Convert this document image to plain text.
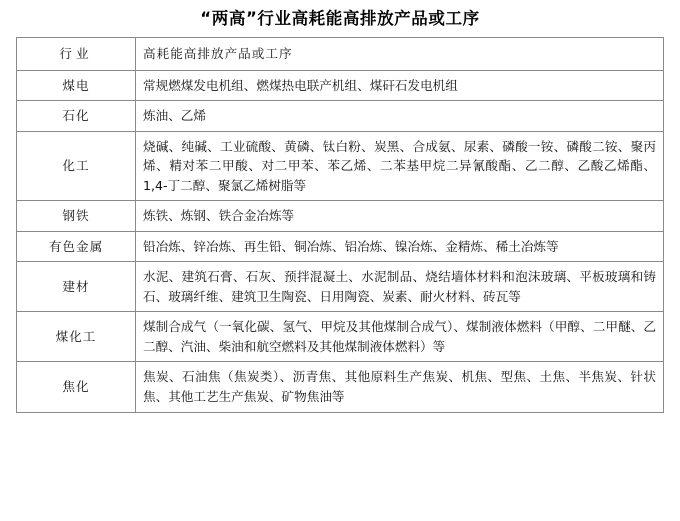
“两高”行业高耗能高排放产品或工序
行业	高耗能高排放产品或工序
煤电	常规燃煤发电机组、燃煤热电联产机组、煤矸石发电机组
石化	炼油、乙烯
化工	烧碱、纯碱、工业硫酸、黄磷、钛白粉、炭黑、合成氨、尿素、磷酸一铵、磷酸二铵、聚丙烯、精对苯二甲酸、对二甲苯、苯乙烯、二苯基甲烷二异氰酸酯、乙二醇、乙酸乙烯酯、1,4-丁二醇、聚氯乙烯树脂等
钢铁	炼铁、炼钢、铁合金冶炼等
有色金属	铅冶炼、锌冶炼、再生铅、铜冶炼、铝冶炼、镍冶炼、金精炼、稀土冶炼等
建材	水泥、建筑石膏、石灰、预拌混凝土、水泥制品、烧结墙体材料和泡沫玻璃、平板玻璃和铸石、玻璃纤维、建筑卫生陶瓷、日用陶瓷、炭素、耐火材料、砖瓦等
煤化工	煤制合成气（一氧化碳、氢气、甲烷及其他煤制合成气）、煤制液体燃料（甲醇、二甲醚、乙二醇、汽油、柴油和航空燃料及其他煤制液体燃料）等
焦化	焦炭、石油焦（焦炭类）、沥青焦、其他原料生产焦炭、机焦、型焦、土焦、半焦炭、针状焦、其他工艺生产焦炭、矿物焦油等
